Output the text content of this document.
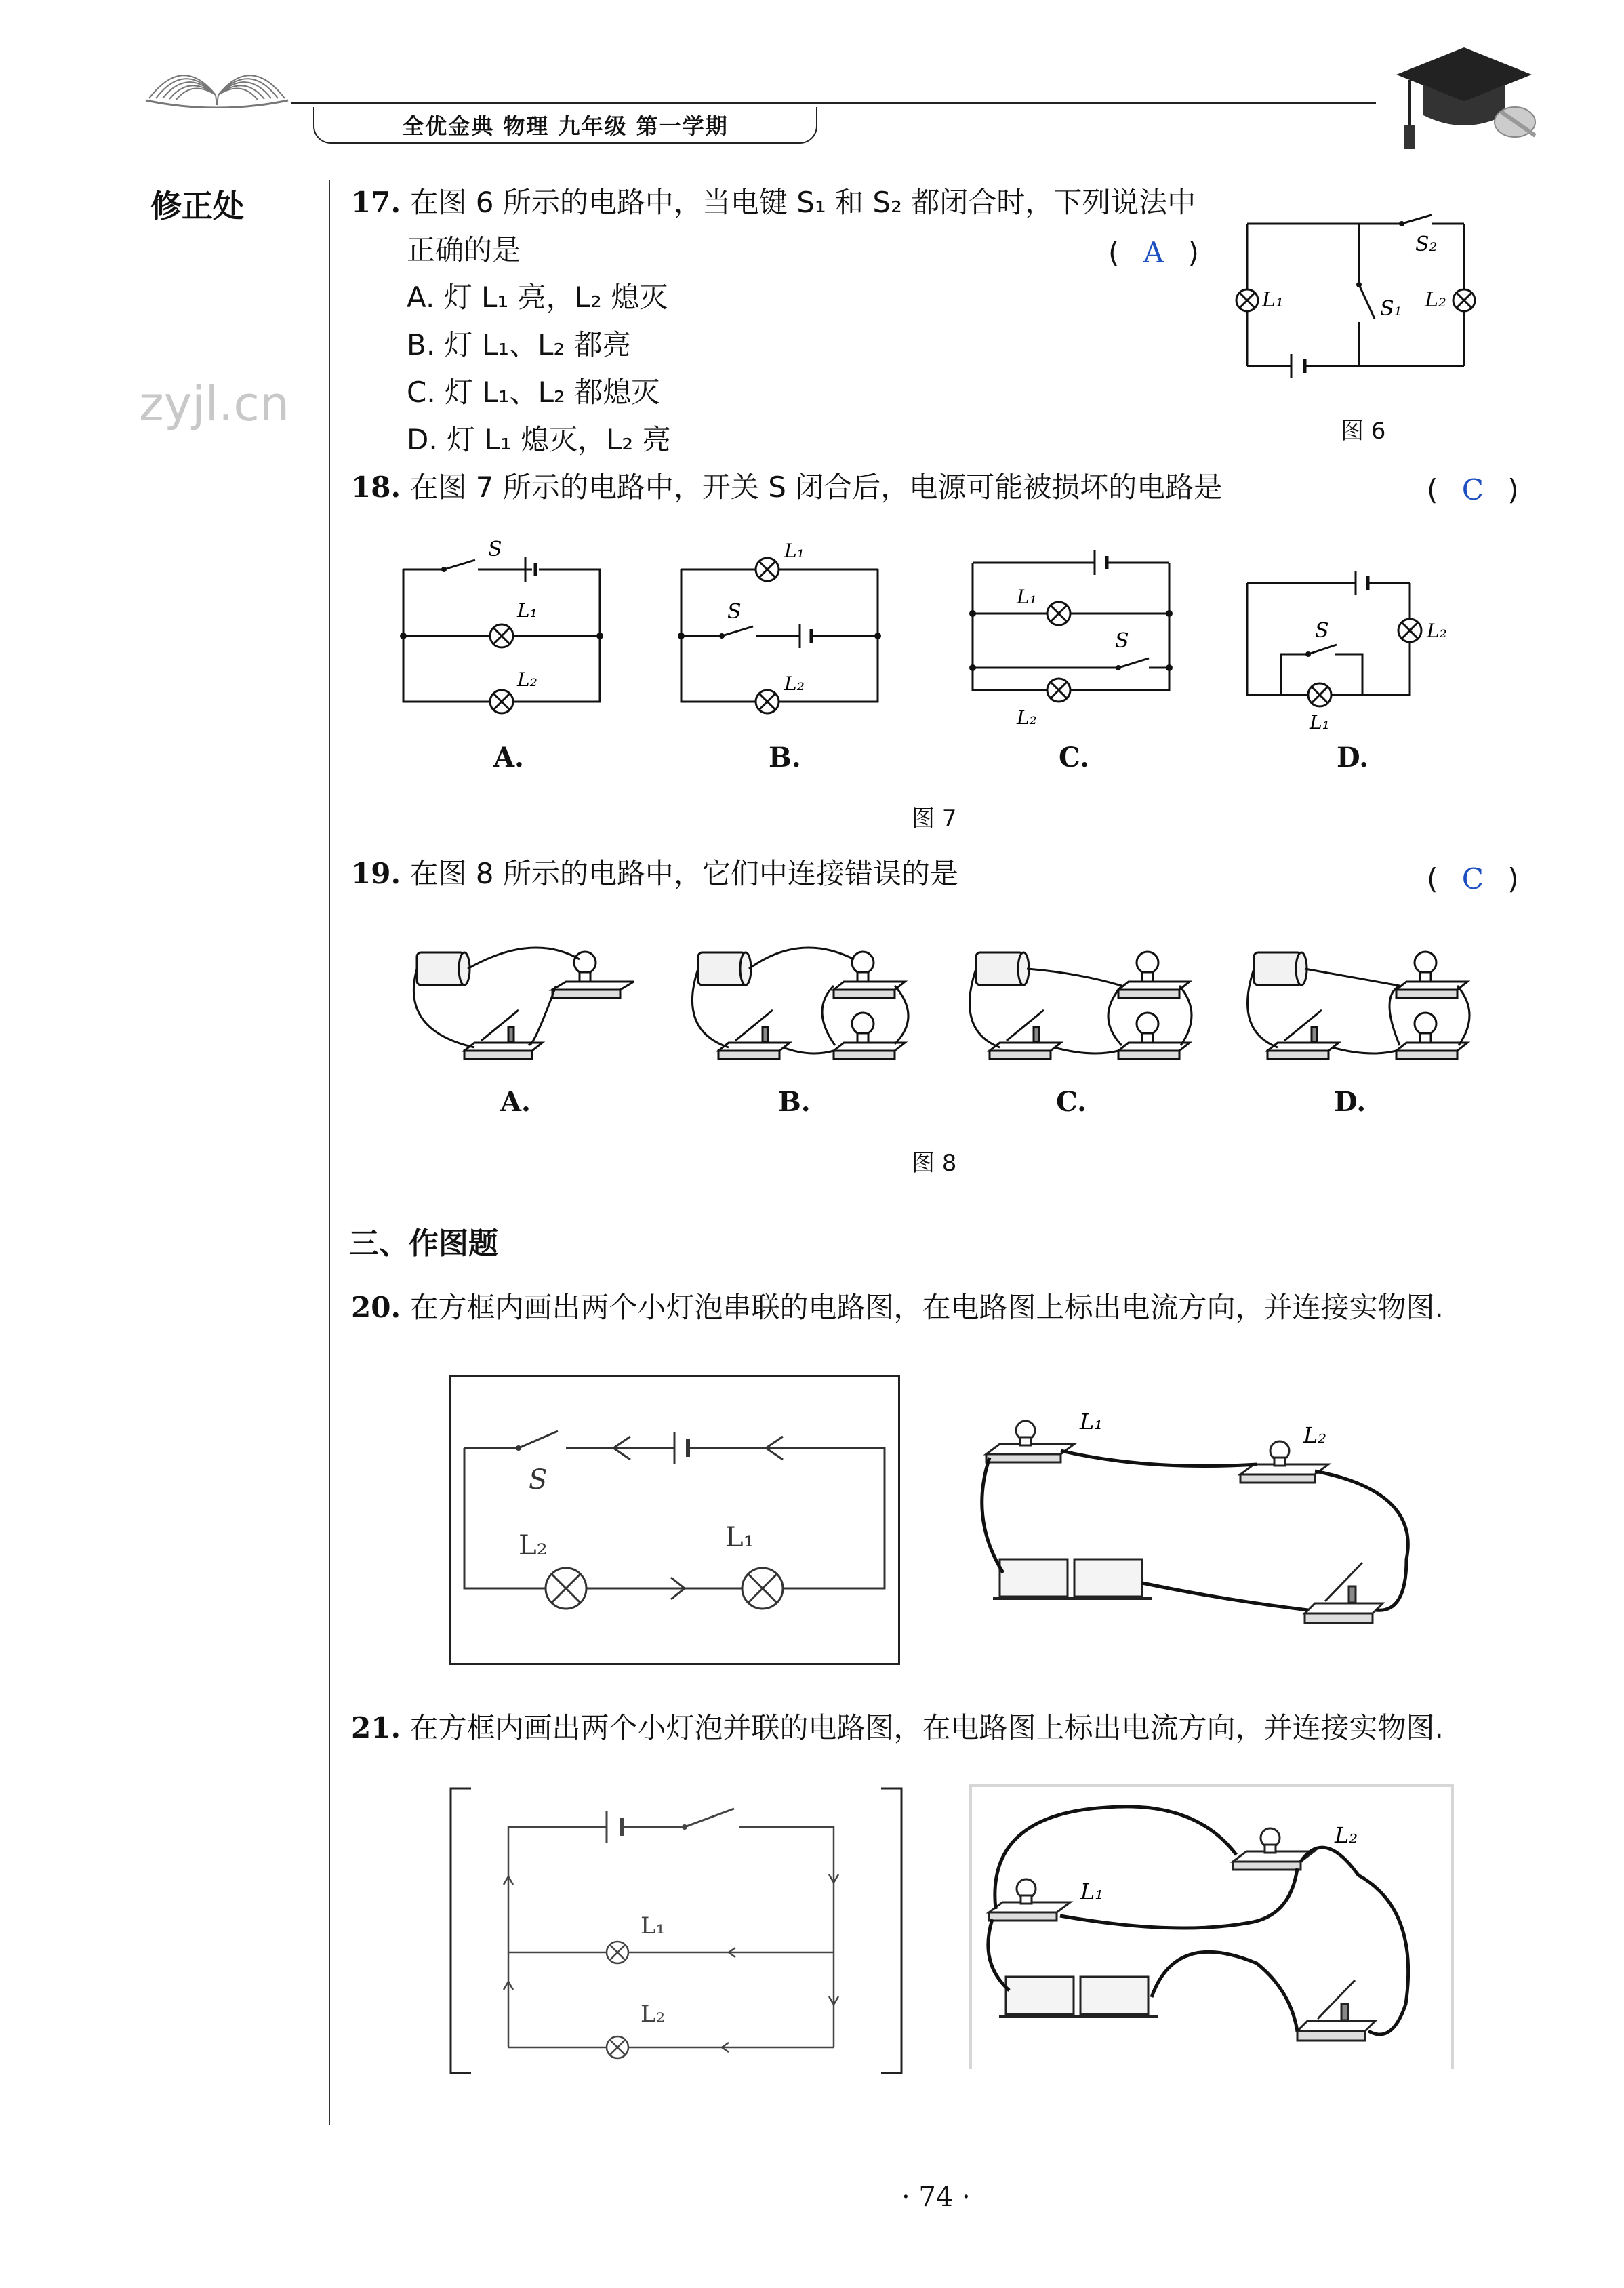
全优金典 物理 九年级 第一学期
修正处
zyjl.cn
17. 在图 6 所示的电路中，当电键 S₁ 和 S₂ 都闭合时，下列说法中
正确的是	( A )
A. 灯 L₁ 亮，L₂ 熄灭
B. 灯 L₁、L₂ 都亮
C. 灯 L₁、L₂ 都熄灭
D. 灯 L₁ 熄灭，L₂ 亮
L₁	L₂
S₁
S₂
图 6
18. 在图 7 所示的电路中，开关 S 闭合后，电源可能被损坏的电路是	( C )
S
L₁
L₂
A.
L₁
S
L₂
B.
L₁
S
L₂
C.
S	L₂
L₁
D.
图 7
19. 在图 8 所示的电路中，它们中连接错误的是	( C )
A.	B.	C.	D.
图 8
三、作图题
20. 在方框内画出两个小灯泡串联的电路图，在电路图上标出电流方向，并连接实物图.
S
L₂	L₁
L₁
L₂
21. 在方框内画出两个小灯泡并联的电路图，在电路图上标出电流方向，并连接实物图.
L₁
L₂
L₁
L₂
· 74 ·
